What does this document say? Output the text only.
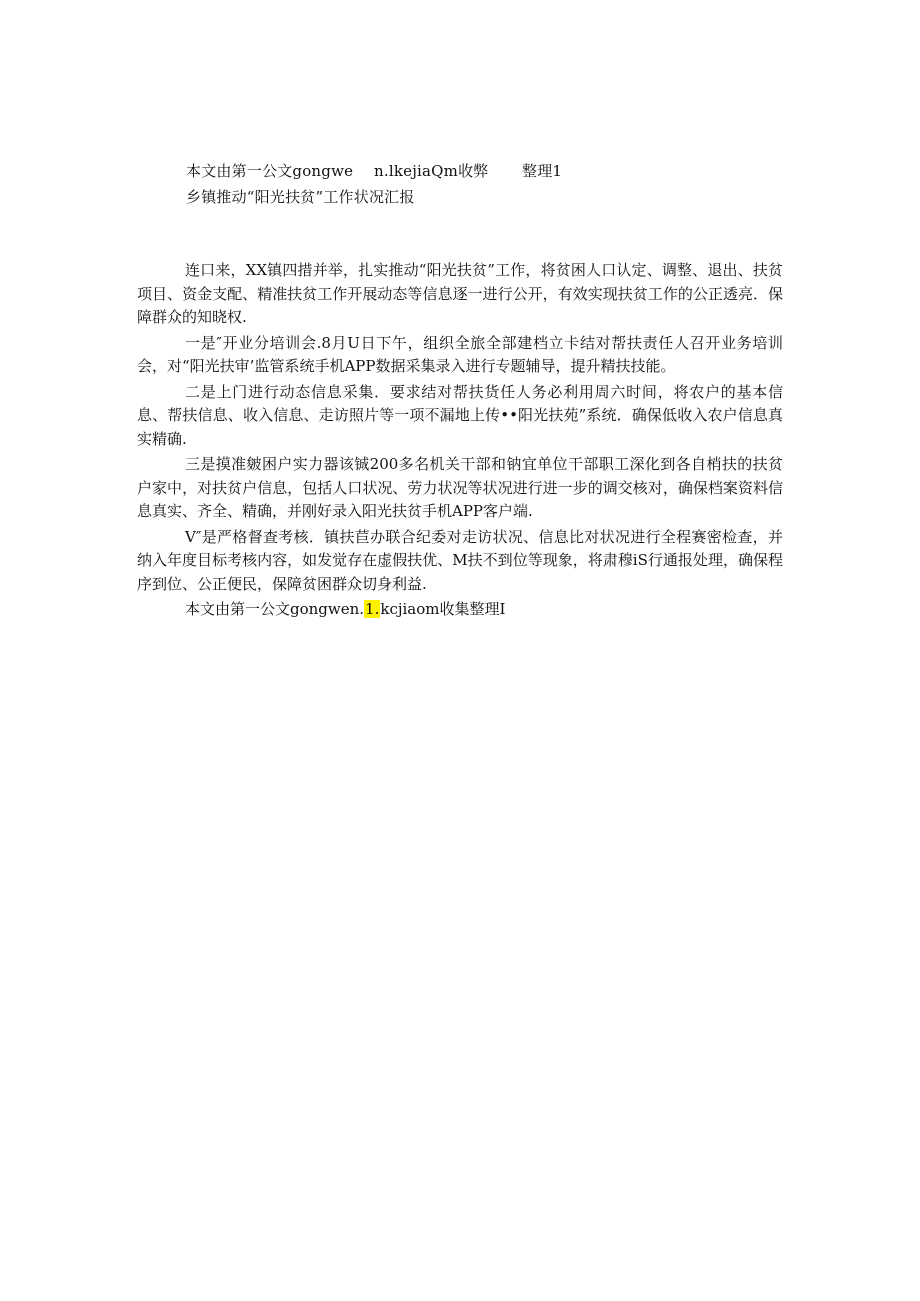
本文由第一公文gongwe	n.lkejiaQm收弊	整理1
乡镇推动“阳光扶贫”工作状况汇报

连口来，XX镇四措并举，扎实推动“阳光扶贫”工作，将贫困人口认定、调整、退出、扶贫项目、资金支配、精准扶贫工作开展动态等信息逐一进行公开，有效实现扶贫工作的公正透亮．保障群众的知晓权.

一是″开业分培训会.8月U日下午，组织全旅全部建档立卡结对帮扶责任人召开业务培训会，对“阳光扶审’监管系统手机APP数据采集录入进行专题辅导，提升精扶技能。

二是上门进行动态信息采集．要求结对帮扶货任人务必利用周六时间，将农户的基本信息、帮扶信息、收入信息、走访照片等一项不漏地上传••阳光扶苑”系统．确保低收入农户信息真实精确.

三是摸准皴困户实力器该铖200多名机关干部和钠宜单位干部职工深化到各自梢扶的扶贫户家中，对扶贫户信息，包括人口状况、劳力状况等状况进行进一步的调交核对，确保档案资料信息真实、齐全、精确，并刚好录入阳光扶贫手机APP客户端.

V″是严格督查考核．镇扶苣办联合纪委对走访状况、信息比对状况进行全程赛密检查，并纳入年度目标考核内容，如发觉存在虚假扶优、M扶不到位等现象，将肃穆iS行通报处理，确保程序到位、公正便民，保障贫困群众切身利益.

本文由第一公文gongwen.1.kcjiaom收集整理I
